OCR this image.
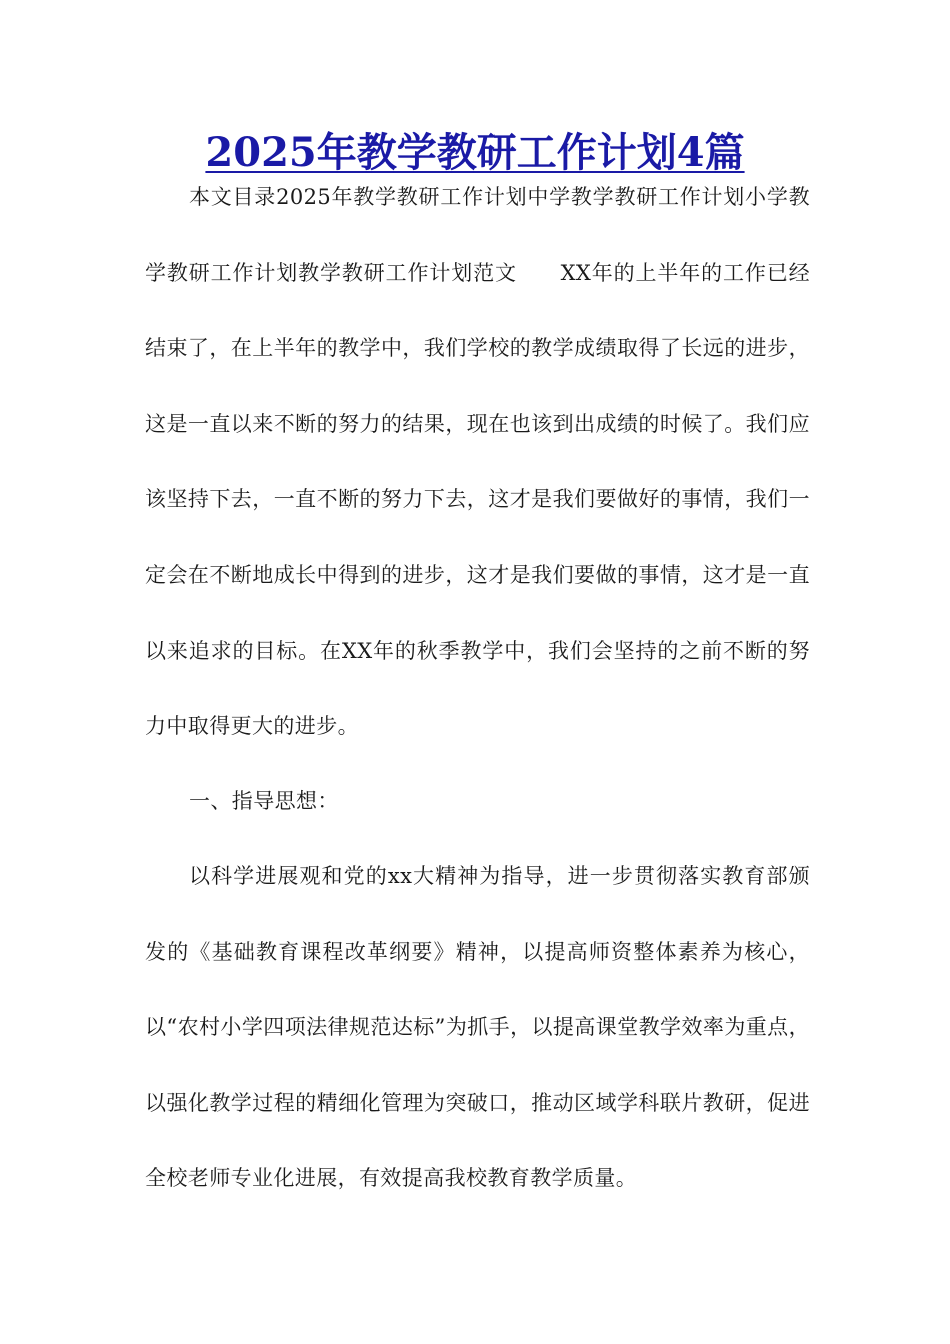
2025年教学教研工作计划4篇

本文目录2025年教学教研工作计划中学教学教研工作计划小学教学教研工作计划教学教研工作计划范文　　XX年的上半年的工作已经结束了，在上半年的教学中，我们学校的教学成绩取得了长远的进步，这是一直以来不断的努力的结果，现在也该到出成绩的时候了。我们应该坚持下去，一直不断的努力下去，这才是我们要做好的事情，我们一定会在不断地成长中得到的进步，这才是我们要做的事情，这才是一直以来追求的目标。在XX年的秋季教学中，我们会坚持的之前不断的努力中取得更大的进步。

一、指导思想：

以科学进展观和党的xx大精神为指导，进一步贯彻落实教育部颁发的《基础教育课程改革纲要》精神，以提高师资整体素养为核心，以“农村小学四项法律规范达标”为抓手，以提高课堂教学效率为重点，以强化教学过程的精细化管理为突破口，推动区域学科联片教研，促进全校老师专业化进展，有效提高我校教育教学质量。
